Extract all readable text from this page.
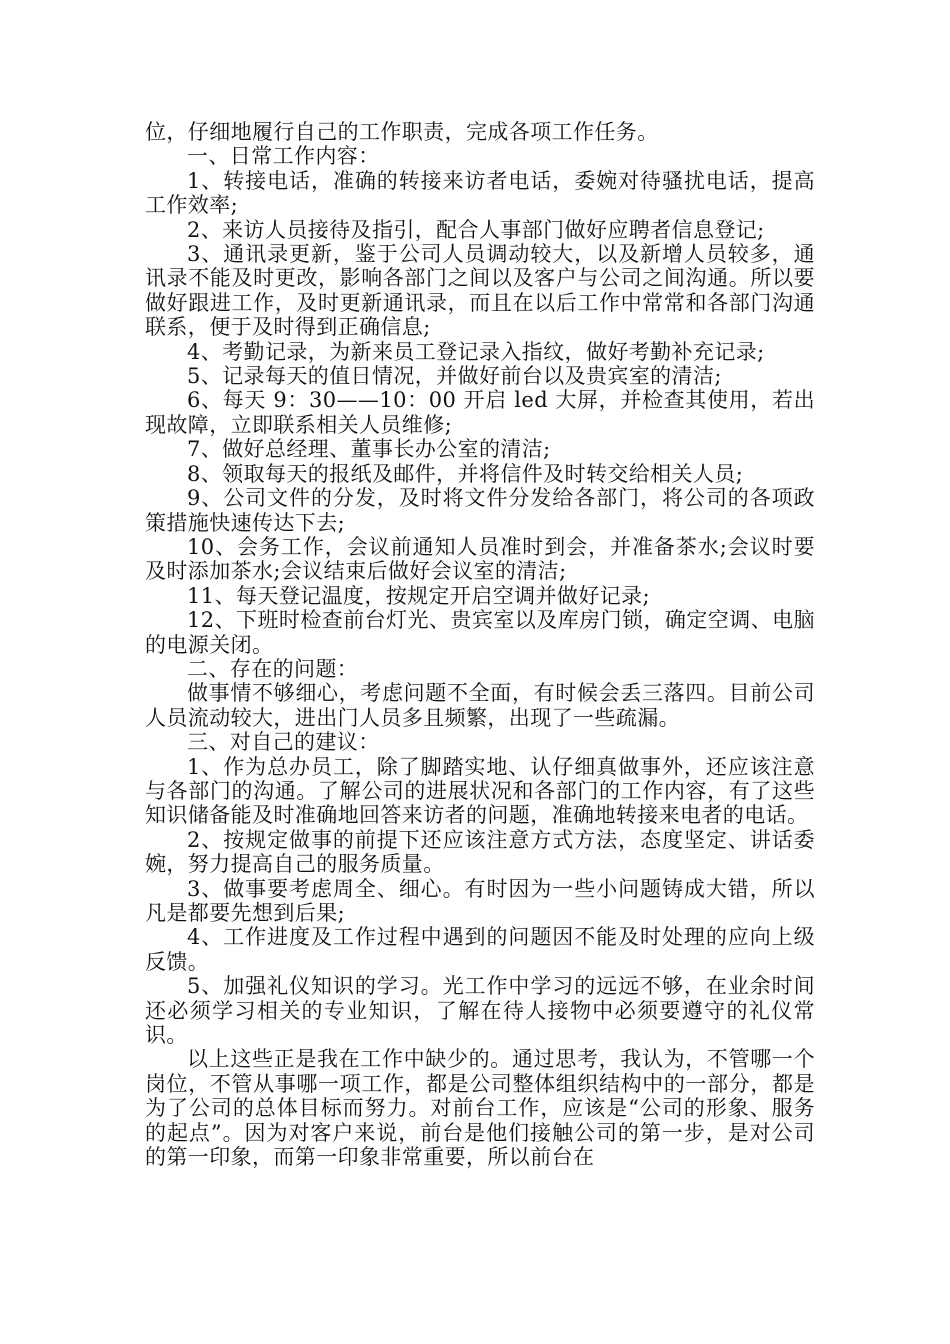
位，仔细地履行自己的工作职责，完成各项工作任务。

一、日常工作内容：

1、转接电话，准确的转接来访者电话，委婉对待骚扰电话，提高工作效率;

2、来访人员接待及指引，配合人事部门做好应聘者信息登记;

3、通讯录更新，鉴于公司人员调动较大，以及新增人员较多，通讯录不能及时更改，影响各部门之间以及客户与公司之间沟通。所以要做好跟进工作，及时更新通讯录，而且在以后工作中常常和各部门沟通联系，便于及时得到正确信息;

4、考勤记录，为新来员工登记录入指纹，做好考勤补充记录;

5、记录每天的值日情况，并做好前台以及贵宾室的清洁;

6、每天 9：30——10：00 开启 led 大屏，并检查其使用，若出现故障，立即联系相关人员维修;

7、做好总经理、董事长办公室的清洁;

8、领取每天的报纸及邮件，并将信件及时转交给相关人员;

9、公司文件的分发，及时将文件分发给各部门，将公司的各项政策措施快速传达下去;

10、会务工作，会议前通知人员准时到会，并准备茶水;会议时要及时添加茶水;会议结束后做好会议室的清洁;

11、每天登记温度，按规定开启空调并做好记录;

12、下班时检查前台灯光、贵宾室以及库房门锁，确定空调、电脑的电源关闭。

二、存在的问题：

做事情不够细心，考虑问题不全面，有时候会丢三落四。目前公司人员流动较大，进出门人员多且频繁，出现了一些疏漏。

三、对自己的建议：

1、作为总办员工，除了脚踏实地、认仔细真做事外，还应该注意与各部门的沟通。了解公司的进展状况和各部门的工作内容，有了这些知识储备能及时准确地回答来访者的问题，准确地转接来电者的电话。

2、按规定做事的前提下还应该注意方式方法，态度坚定、讲话委婉，努力提高自己的服务质量。

3、做事要考虑周全、细心。有时因为一些小问题铸成大错，所以凡是都要先想到后果;

4、工作进度及工作过程中遇到的问题因不能及时处理的应向上级反馈。

5、加强礼仪知识的学习。光工作中学习的远远不够，在业余时间还必须学习相关的专业知识，了解在待人接物中必须要遵守的礼仪常识。

以上这些正是我在工作中缺少的。通过思考，我认为，不管哪一个岗位，不管从事哪一项工作，都是公司整体组织结构中的一部分，都是为了公司的总体目标而努力。对前台工作，应该是“公司的形象、服务的起点”。因为对客户来说，前台是他们接触公司的第一步，是对公司的第一印象，而第一印象非常重要，所以前台在
